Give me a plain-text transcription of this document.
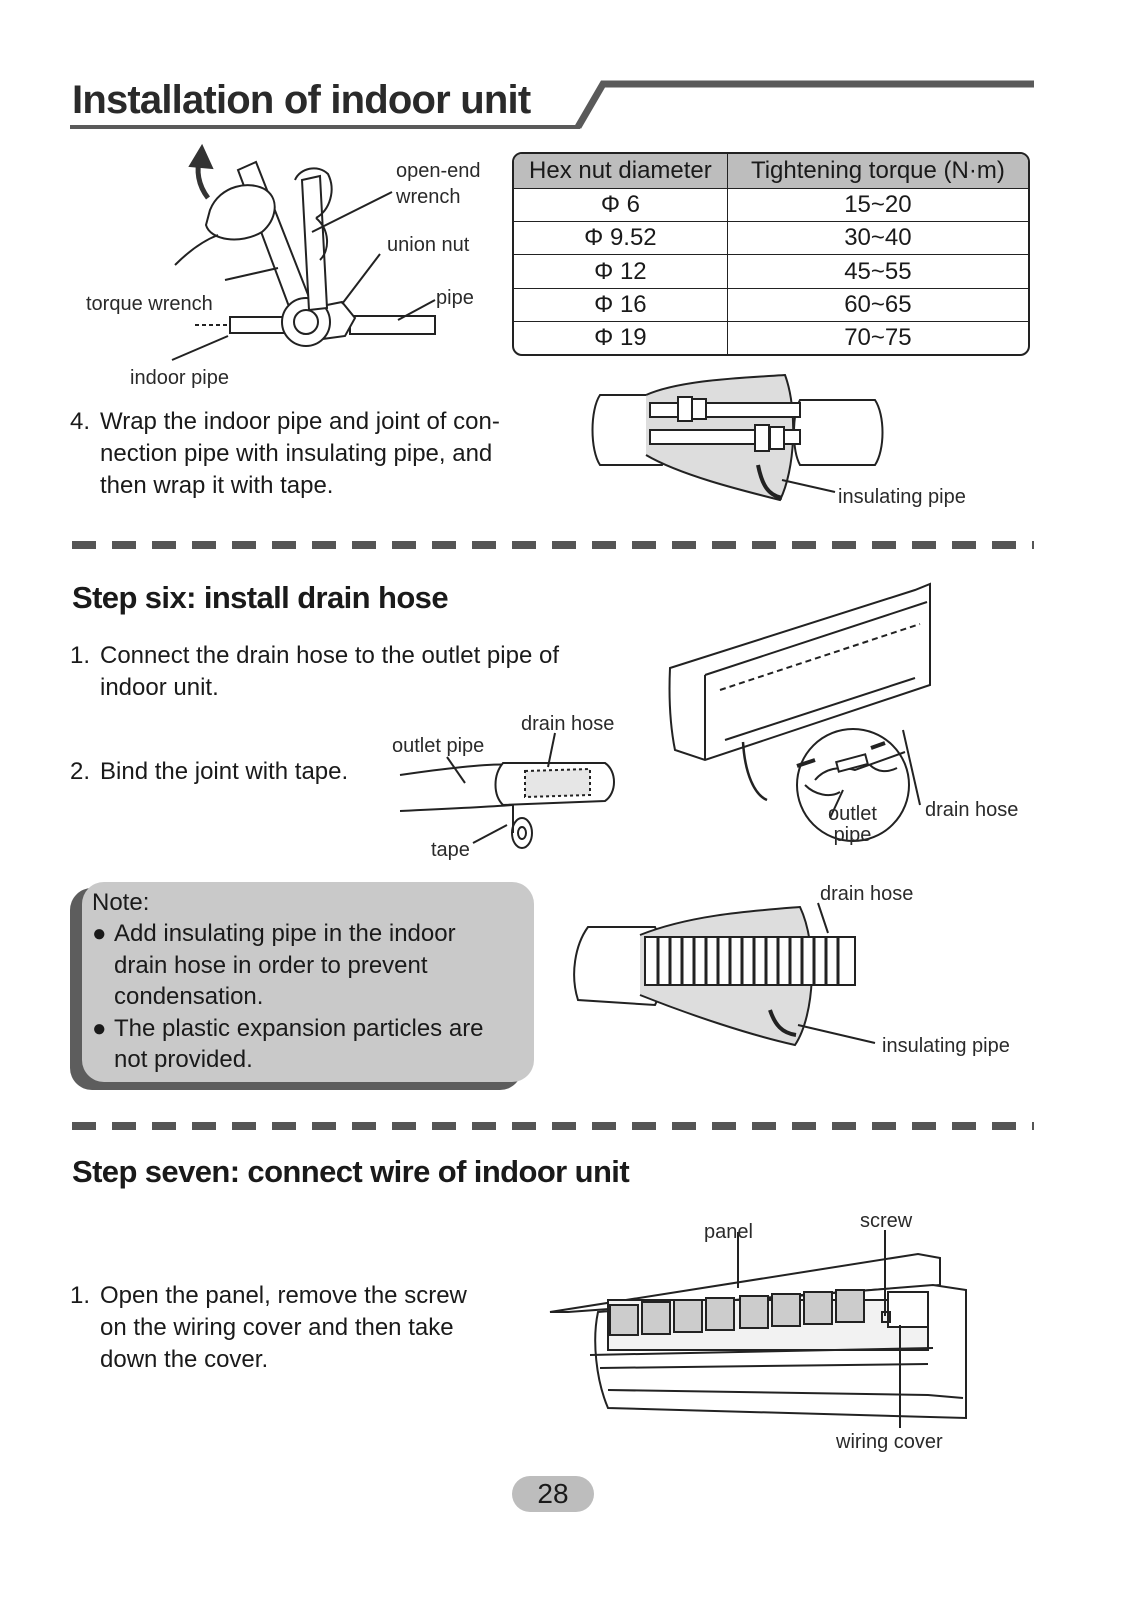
Installation of indoor unit
open-end
wrench
union nut
torque wrench	pipe
indoor pipe
Hex nut diameter	Tightening torque (N·m)
Φ 6	15~20
Φ 9.52	30~40
Φ 12	45~55
Φ 16	60~65
Φ 19	70~75
4. Wrap the indoor pipe and joint of con-
nection pipe with insulating pipe, and
then wrap it with tape.	insulating pipe
Step six: install drain hose
1. Connect the drain hose to the outlet pipe of
indoor unit.
2. Bind the joint with tape.
outlet pipe
drain hose
tape
outlet
pipe
drain hose
Note:
● Add insulating pipe in the indoor
drain hose in order to prevent
condensation.
● The plastic expansion particles are
not provided.
drain hose
insulating pipe
Step seven: connect wire of indoor unit
1. Open the panel, remove the screw
on the wiring cover and then take
down the cover.
panel	screw
wiring cover
28
